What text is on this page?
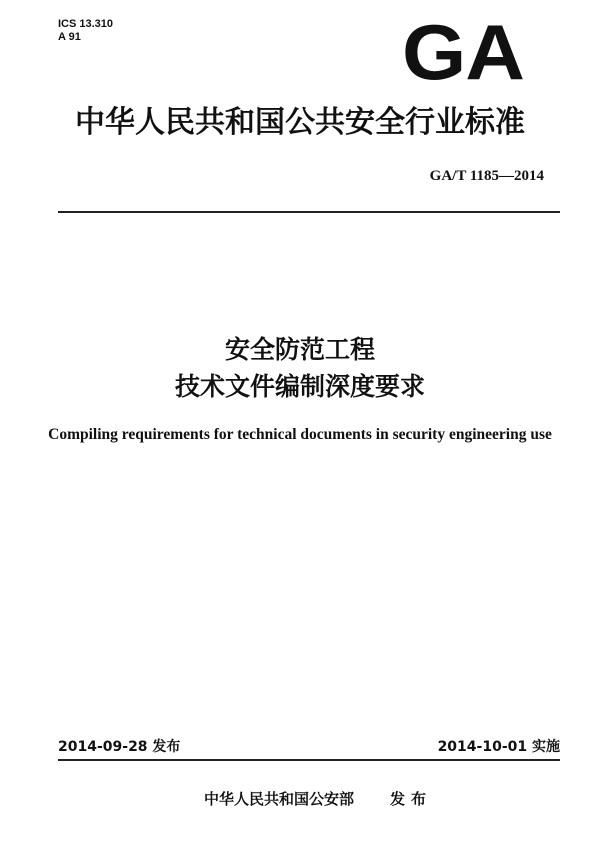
ICS 13.310
A 91	GA
中华人民共和国公共安全行业标准
GA/T 1185—2014
安全防范工程
技术文件编制深度要求
Compiling requirements for technical documents in security engineering use
2014-09-28 发布	2014-10-01 实施
中华人民共和国公安部 发布
